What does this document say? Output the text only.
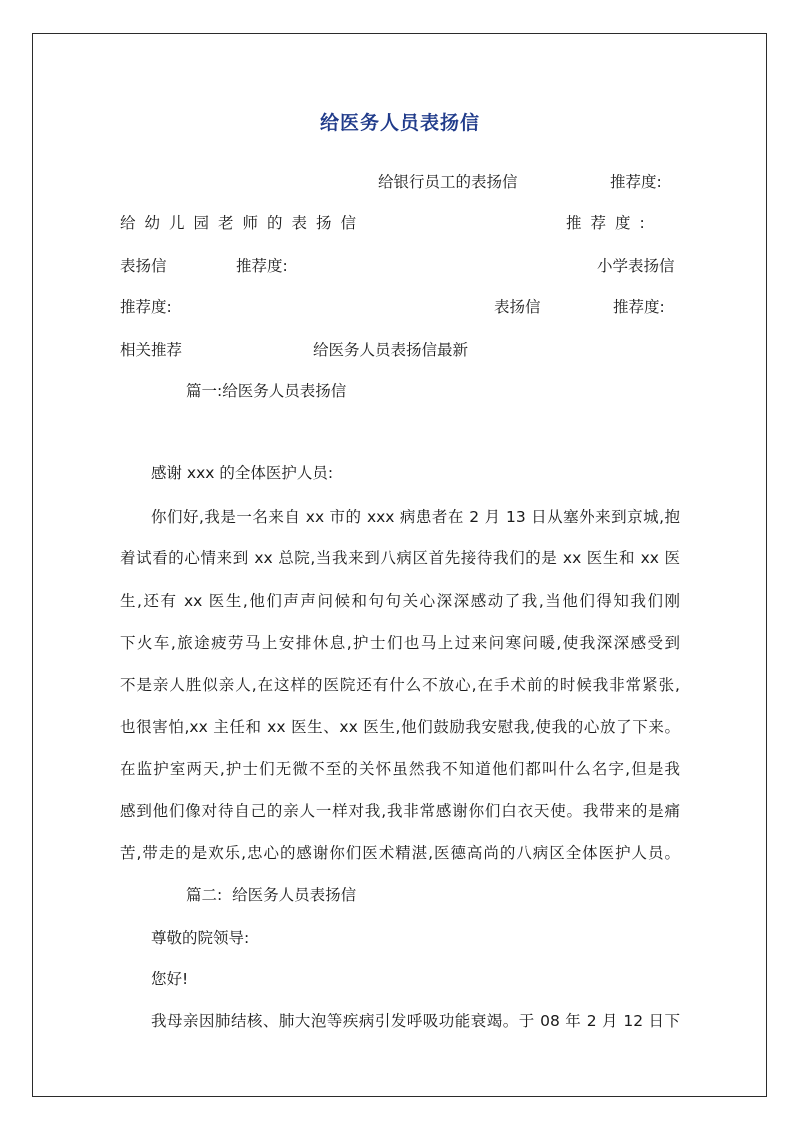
给医务人员表扬信
给银行员工的表扬信	推荐度:
给幼儿园老师的表扬信	推荐度:
表扬信	推荐度:	小学表扬信
推荐度:	表扬信	推荐度:
相关推荐	给医务人员表扬信最新
篇一:给医务人员表扬信
感谢 xxx 的全体医护人员:
你们好,我是一名来自 xx 市的 xxx 病患者在 2 月 13 日从塞外来到京城,抱
着试看的心情来到 xx 总院,当我来到八病区首先接待我们的是 xx 医生和 xx 医
生,还有 xx 医生,他们声声问候和句句关心深深感动了我,当他们得知我们刚
下火车,旅途疲劳马上安排休息,护士们也马上过来问寒问暖,使我深深感受到
不是亲人胜似亲人,在这样的医院还有什么不放心,在手术前的时候我非常紧张,
也很害怕,xx 主任和 xx 医生、xx 医生,他们鼓励我安慰我,使我的心放了下来。
在监护室两天,护士们无微不至的关怀虽然我不知道他们都叫什么名字,但是我
感到他们像对待自己的亲人一样对我,我非常感谢你们白衣天使。我带来的是痛
苦,带走的是欢乐,忠心的感谢你们医术精湛,医德高尚的八病区全体医护人员。
篇二:  给医务人员表扬信
尊敬的院领导:
您好!
我母亲因肺结核、肺大泡等疾病引发呼吸功能衰竭。于 08 年 2 月 12 日下
